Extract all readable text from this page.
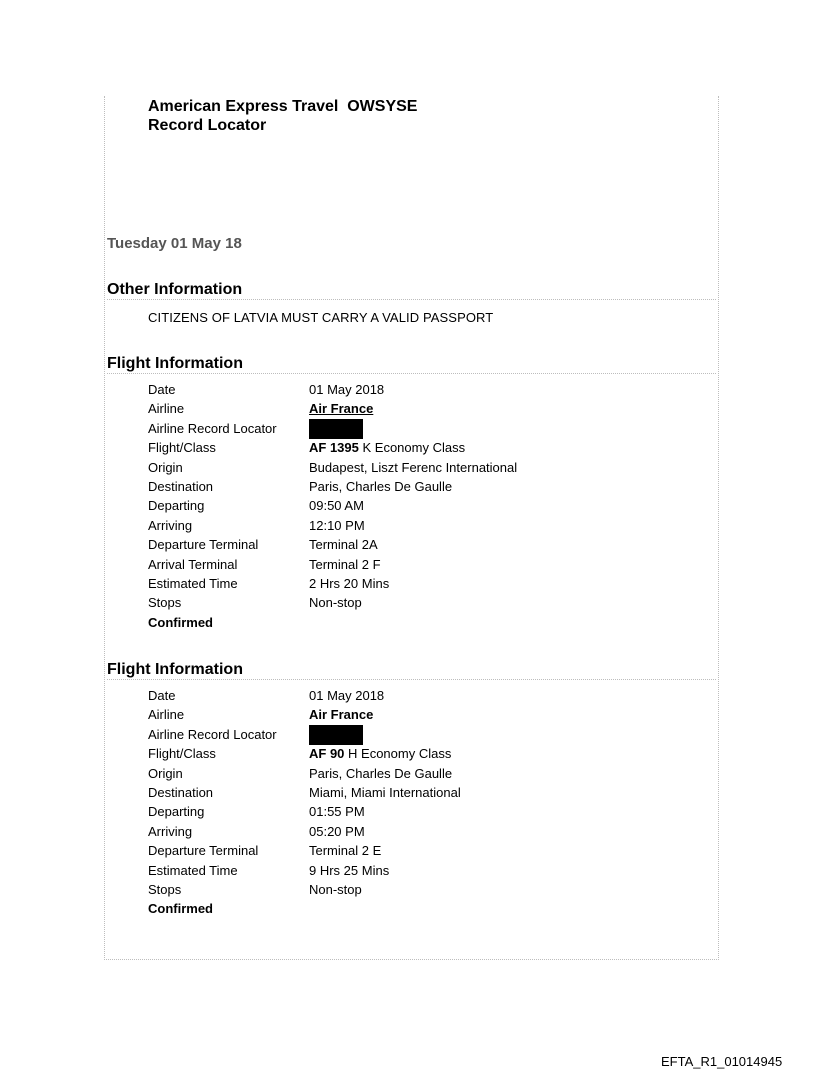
American Express Travel  OWSYSE
Record Locator
Tuesday 01 May 18
Other Information
CITIZENS OF LATVIA MUST CARRY A VALID PASSPORT
Flight Information
Date	01 May 2018
Airline	Air France
Airline Record Locator
Flight/Class	AF 1395 K Economy Class
Origin	Budapest, Liszt Ferenc International
Destination	Paris, Charles De Gaulle
Departing	09:50 AM
Arriving	12:10 PM
Departure Terminal	Terminal 2A
Arrival Terminal	Terminal 2 F
Estimated Time	2 Hrs 20 Mins
Stops	Non-stop
Confirmed
Flight Information
Date	01 May 2018
Airline	Air France
Airline Record Locator
Flight/Class	AF 90 H Economy Class
Origin	Paris, Charles De Gaulle
Destination	Miami, Miami International
Departing	01:55 PM
Arriving	05:20 PM
Departure Terminal	Terminal 2 E
Estimated Time	9 Hrs 25 Mins
Stops	Non-stop
Confirmed
EFTA_R1_01014945
